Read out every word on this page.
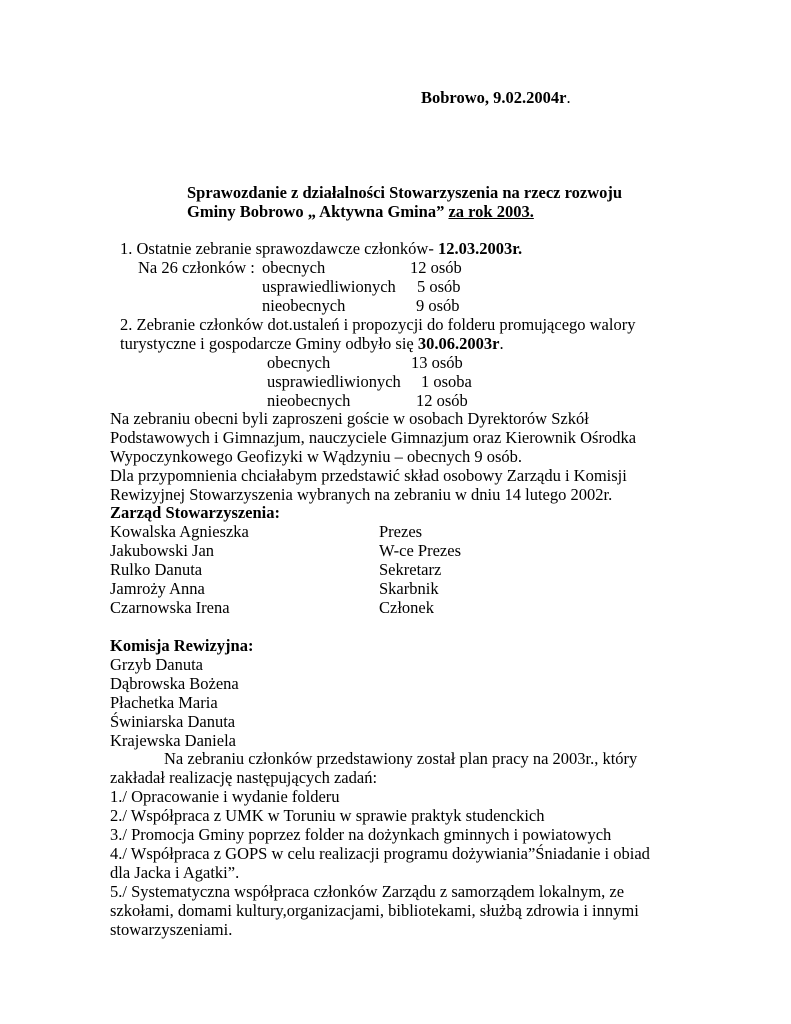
Bobrowo, 9.02.2004r.
Sprawozdanie z działalności Stowarzyszenia na rzecz rozwoju
Gminy Bobrowo „ Aktywna Gmina” za rok 2003.
1. Ostatnie zebranie sprawozdawcze członków- 12.03.2003r.
Na 26 członków : obecnych	12 osób
usprawiedliwionych 5 osób
nieobecnych	9 osób
2. Zebranie członków dot.ustaleń i propozycji do folderu promującego walory
turystyczne i gospodarcze Gminy odbyło się 30.06.2003r.
obecnych	13 osób
usprawiedliwionych 1 osoba
nieobecnych	12 osób
Na zebraniu obecni byli zaproszeni goście w osobach Dyrektorów Szkół
Podstawowych i Gimnazjum, nauczyciele Gimnazjum oraz Kierownik Ośrodka
Wypoczynkowego Geofizyki w Wądzyniu – obecnych 9 osób.
Dla przypomnienia chciałabym przedstawić skład osobowy Zarządu i Komisji
Rewizyjnej Stowarzyszenia wybranych na zebraniu w dniu 14 lutego 2002r.
Zarząd Stowarzyszenia:
Kowalska Agnieszka	Prezes
Jakubowski Jan	W-ce Prezes
Rulko Danuta	Sekretarz
Jamroży Anna	Skarbnik
Czarnowska Irena	Członek
Komisja Rewizyjna:
Grzyb Danuta
Dąbrowska Bożena
Płachetka Maria
Świniarska Danuta
Krajewska Daniela
Na zebraniu członków przedstawiony został plan pracy na 2003r., który
zakładał realizację następujących zadań:
1./ Opracowanie i wydanie folderu
2./ Współpraca z UMK w Toruniu w sprawie praktyk studenckich
3./ Promocja Gminy poprzez folder na dożynkach gminnych i powiatowych
4./ Współpraca z GOPS w celu realizacji programu dożywiania”Śniadanie i obiad
dla Jacka i Agatki”.
5./ Systematyczna współpraca członków Zarządu z samorządem lokalnym, ze
szkołami, domami kultury,organizacjami, bibliotekami, służbą zdrowia i innymi
stowarzyszeniami.
